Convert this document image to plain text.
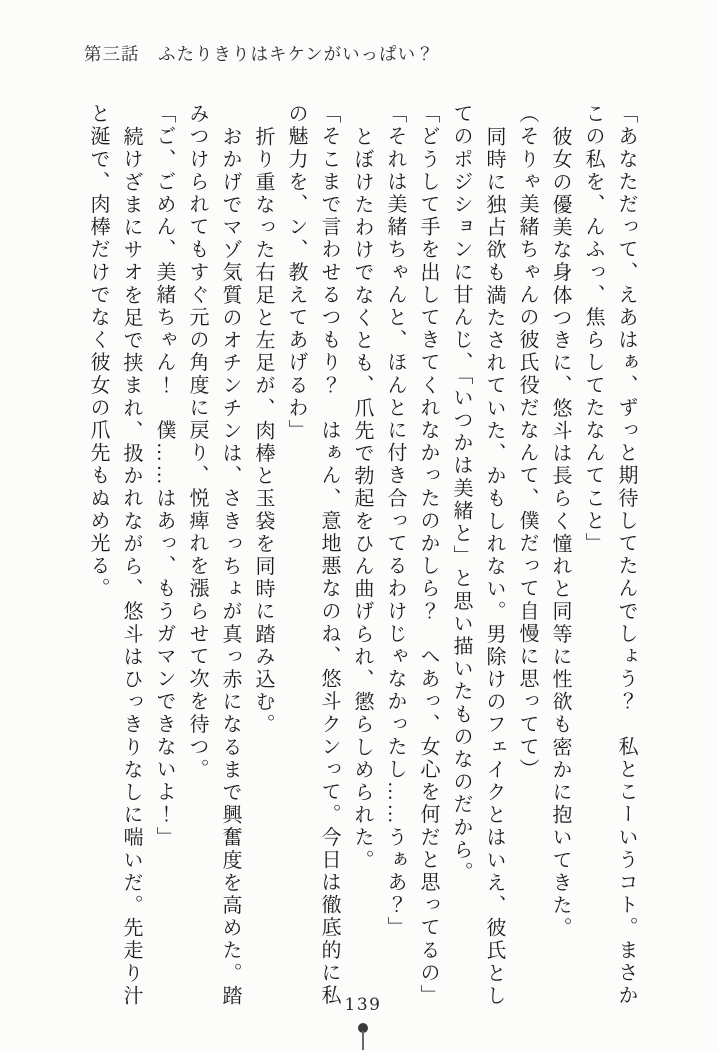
第三話　ふたりきりはキケンがいっぱい？
「あなただって、えあはぁ、ずっと期待してたんでしょう？　私とこーいうコト。まさか
この私を、んふっ、焦らしてたなんてこと」
彼女の優美な身体つきに、悠斗は長らく憧れと同等に性欲も密かに抱いてきた。
（そりゃ美緒ちゃんの彼氏役だなんて、僕だって自慢に思ってて）
同時に独占欲も満たされていた、かもしれない。男除けのフェイクとはいえ、彼氏とし
てのポジションに甘んじ、「いつかは美緒と」と思い描いたものなのだから。
「どうして手を出してきてくれなかったのかしら？　へあっ、女心を何だと思ってるの」
「それは美緒ちゃんと、ほんとに付き合ってるわけじゃなかったし……うぁあ？」
とぼけたわけでなくとも、爪先で勃起をひん曲げられ、懲らしめられた。
「そこまで言わせるつもり？　はぁん、意地悪なのね、悠斗クンって。今日は徹底的に私
の魅力を、ン、教えてあげるわ」
折り重なった右足と左足が、肉棒と玉袋を同時に踏み込む。
おかげでマゾ気質のオチンチンは、さきっちょが真っ赤になるまで興奮度を高めた。踏
みつけられてもすぐ元の角度に戻り、悦痺れを漲らせて次を待つ。
「ご、ごめん、美緒ちゃん！　僕……はあっ、もうガマンできないよ！」
続けざまにサオを足で挟まれ、扱かれながら、悠斗はひっきりなしに喘いだ。先走り汁
と涎で、肉棒だけでなく彼女の爪先もぬめ光る。
139
